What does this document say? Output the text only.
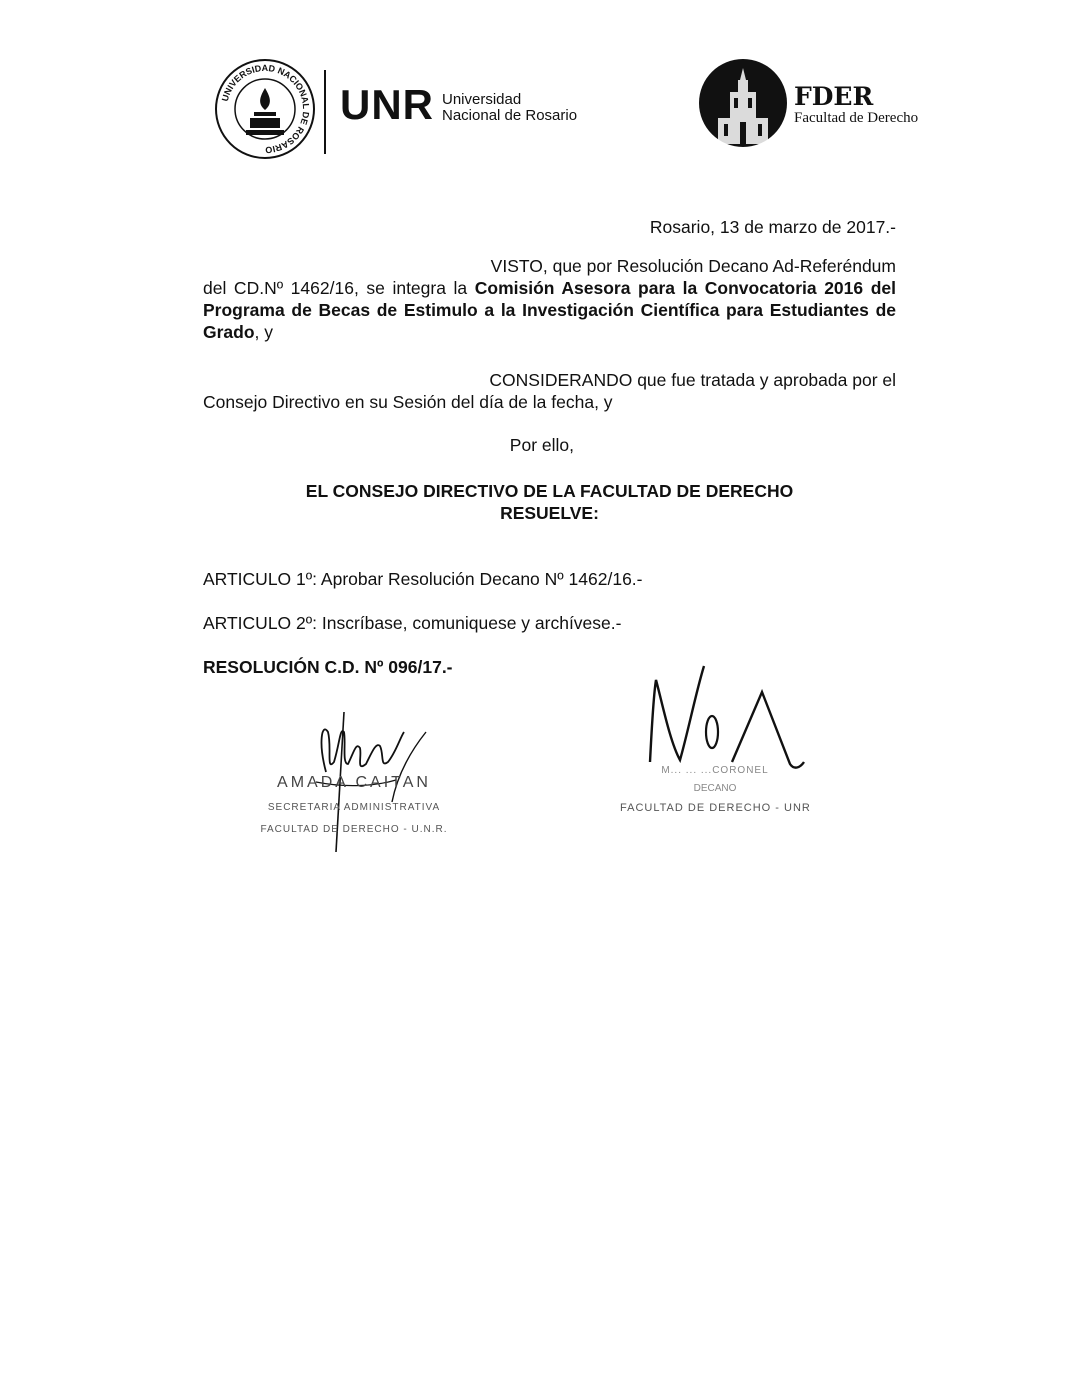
UNIVERSIDAD NACIONAL DE ROSARIO
UNR Universidad
Nacional de Rosario
FDER
Facultad de Derecho
Rosario, 13 de marzo de 2017.-
VISTO, que por Resolución Decano Ad-Referéndum
del CD.Nº 1462/16, se integra la Comisión Asesora para la Convocatoria 2016 del Programa de Becas de Estimulo a la Investigación Científica para Estudiantes de Grado, y
CONSIDERANDO que fue tratada y aprobada por el
Consejo Directivo en su Sesión del día de la fecha, y
Por ello,
EL CONSEJO DIRECTIVO DE LA FACULTAD DE DERECHO
RESUELVE:
ARTICULO 1º: Aprobar Resolución Decano Nº 1462/16.-
ARTICULO 2º: Inscríbase, comuniquese y archívese.-
RESOLUCIÓN C.D. Nº 096/17.-
AMADA CAITAN
SECRETARIA ADMINISTRATIVA
FACULTAD DE DERECHO - U.N.R.
M... ... ...CORONEL
DECANO
FACULTAD DE DERECHO - UNR
